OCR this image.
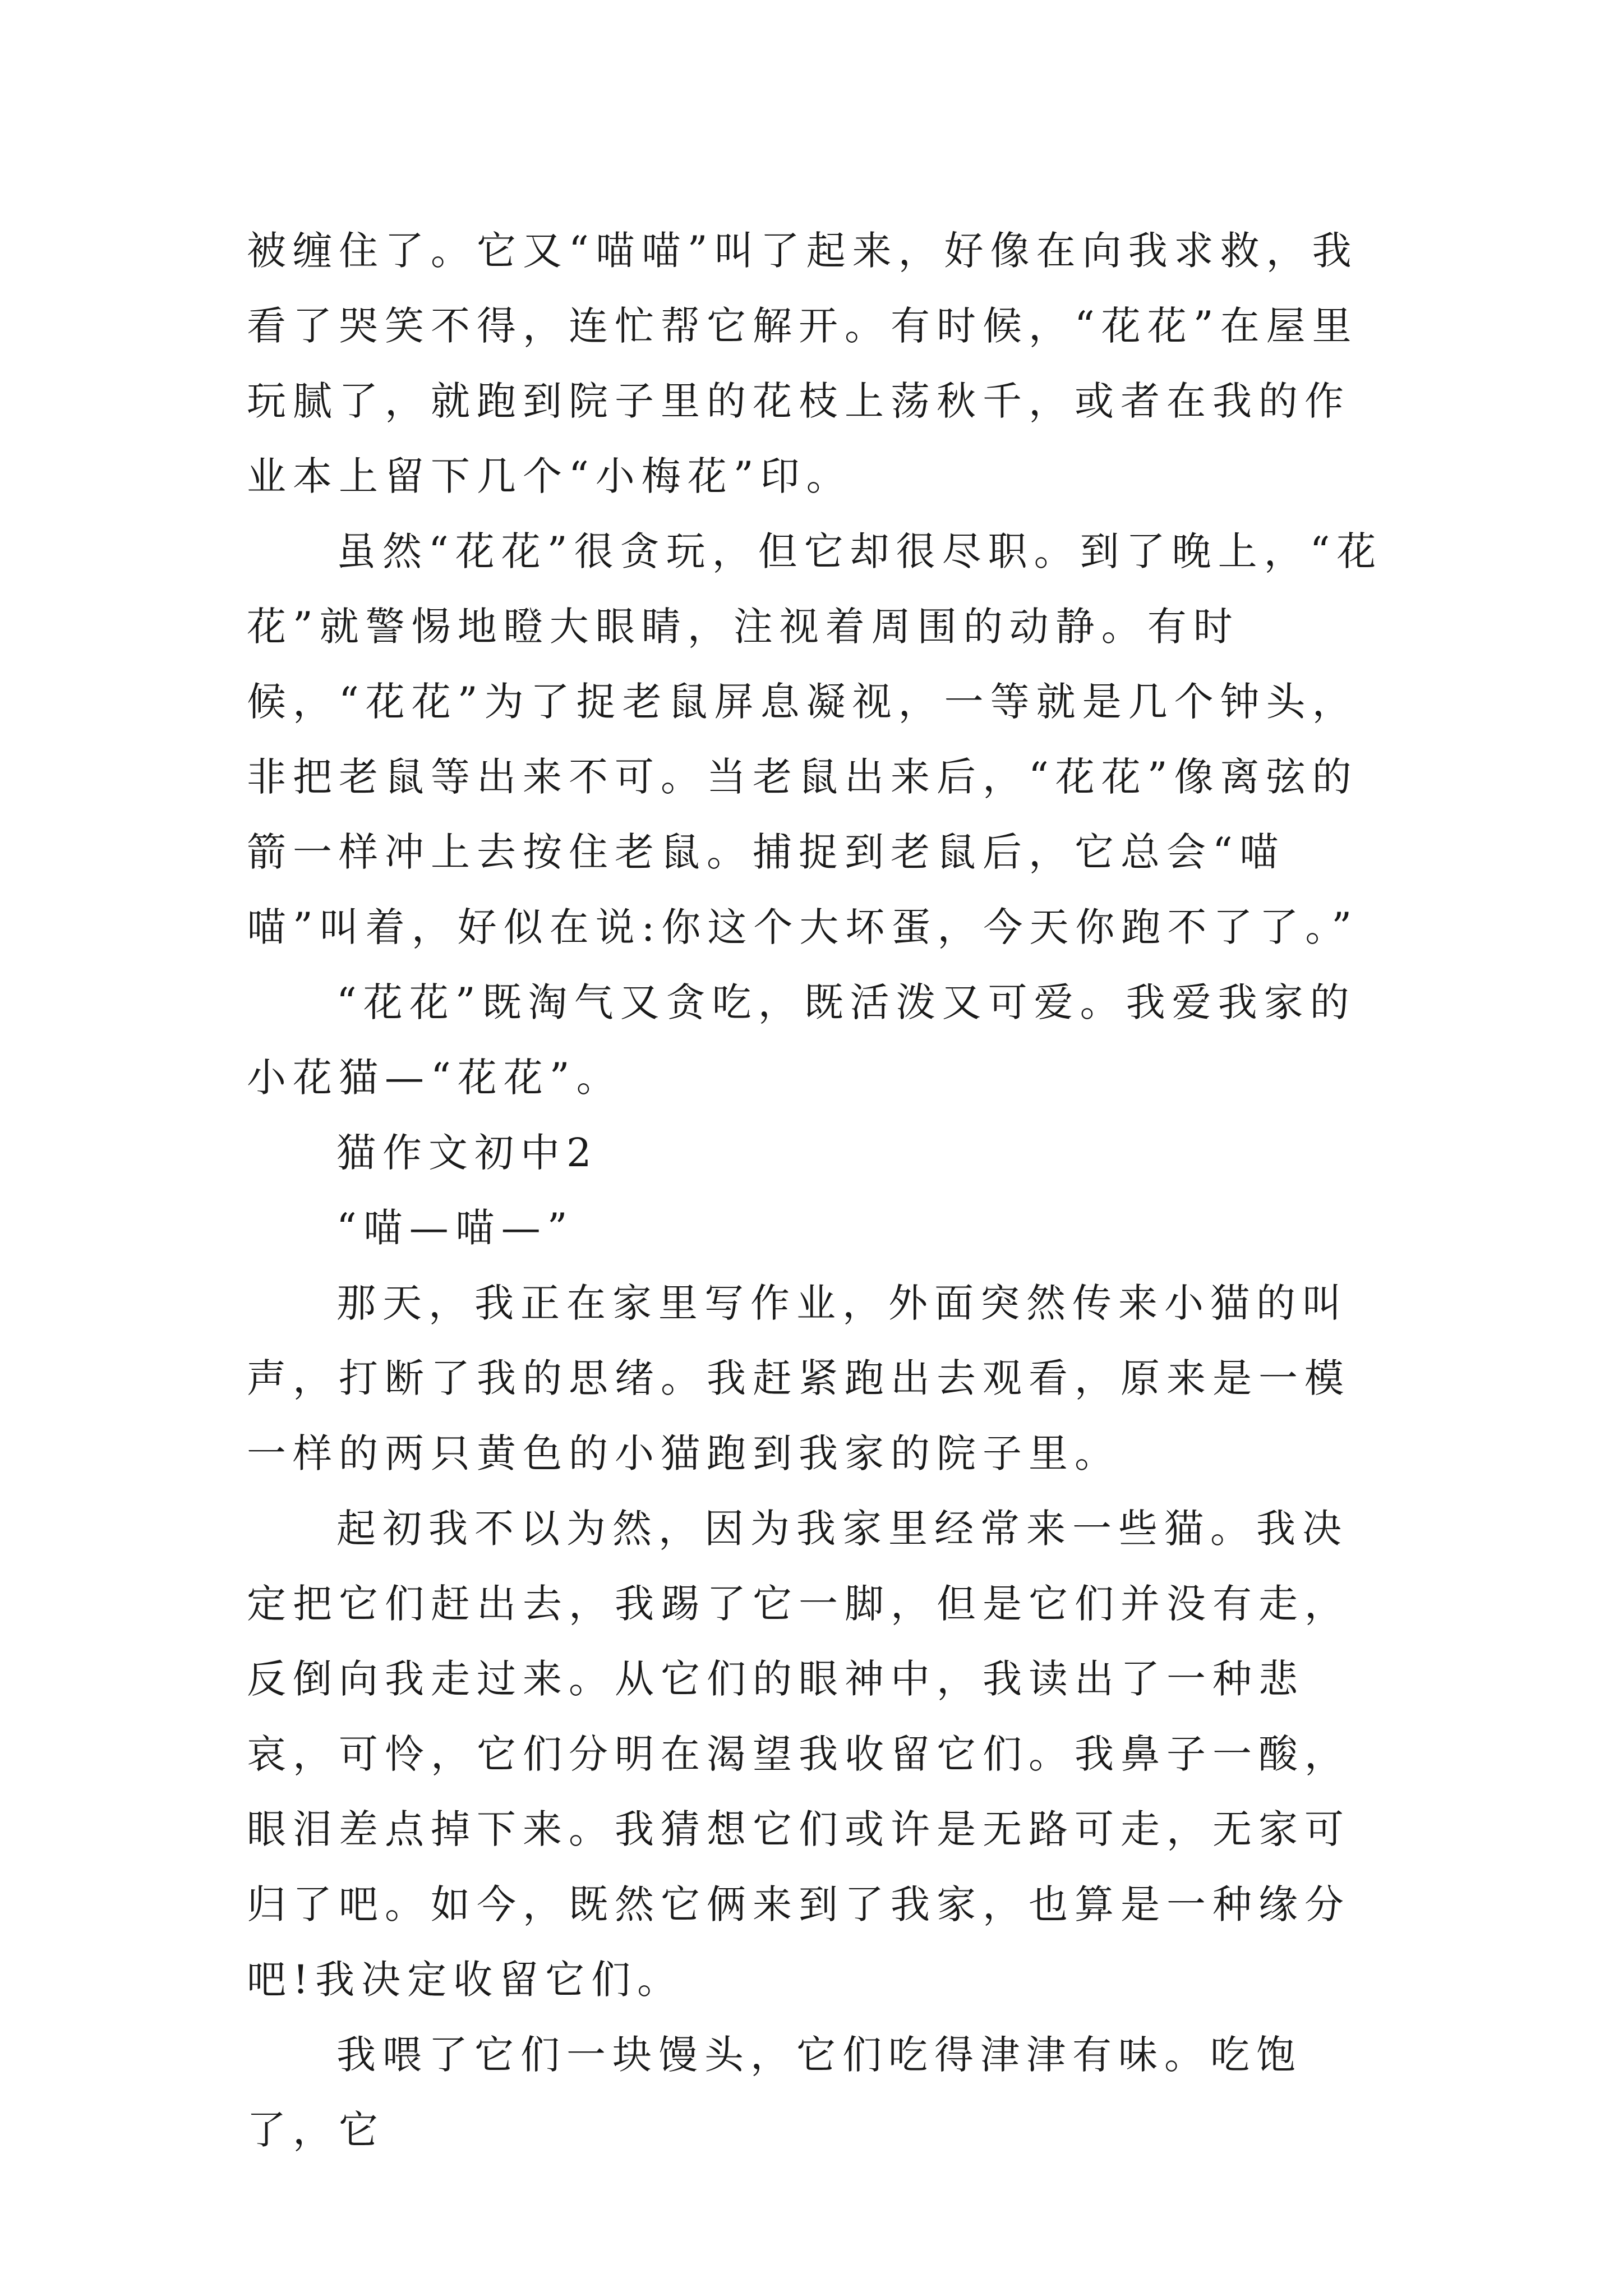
被缠住了。它又“喵喵”叫了起来，好像在向我求救，我看了哭笑不得，连忙帮它解开。有时候，“花花”在屋里玩腻了，就跑到院子里的花枝上荡秋千，或者在我的作业本上留下几个“小梅花”印。

虽然“花花”很贪玩，但它却很尽职。到了晚上，“花花”就警惕地瞪大眼睛，注视着周围的动静。有时候，“花花”为了捉老鼠屏息凝视，一等就是几个钟头，非把老鼠等出来不可。当老鼠出来后，“花花”像离弦的箭一样冲上去按住老鼠。捕捉到老鼠后，它总会“喵喵”叫着，好似在说:你这个大坏蛋，今天你跑不了了。”

“花花”既淘气又贪吃，既活泼又可爱。我爱我家的小花猫—“花花”。

猫作文初中2

“喵—喵—”

那天，我正在家里写作业，外面突然传来小猫的叫声，打断了我的思绪。我赶紧跑出去观看，原来是一模一样的两只黄色的小猫跑到我家的院子里。

起初我不以为然，因为我家里经常来一些猫。我决定把它们赶出去，我踢了它一脚，但是它们并没有走，反倒向我走过来。从它们的眼神中，我读出了一种悲哀，可怜，它们分明在渴望我收留它们。我鼻子一酸，眼泪差点掉下来。我猜想它们或许是无路可走，无家可归了吧。如今，既然它俩来到了我家，也算是一种缘分吧!我决定收留它们。

我喂了它们一块馒头，它们吃得津津有味。吃饱了，它
